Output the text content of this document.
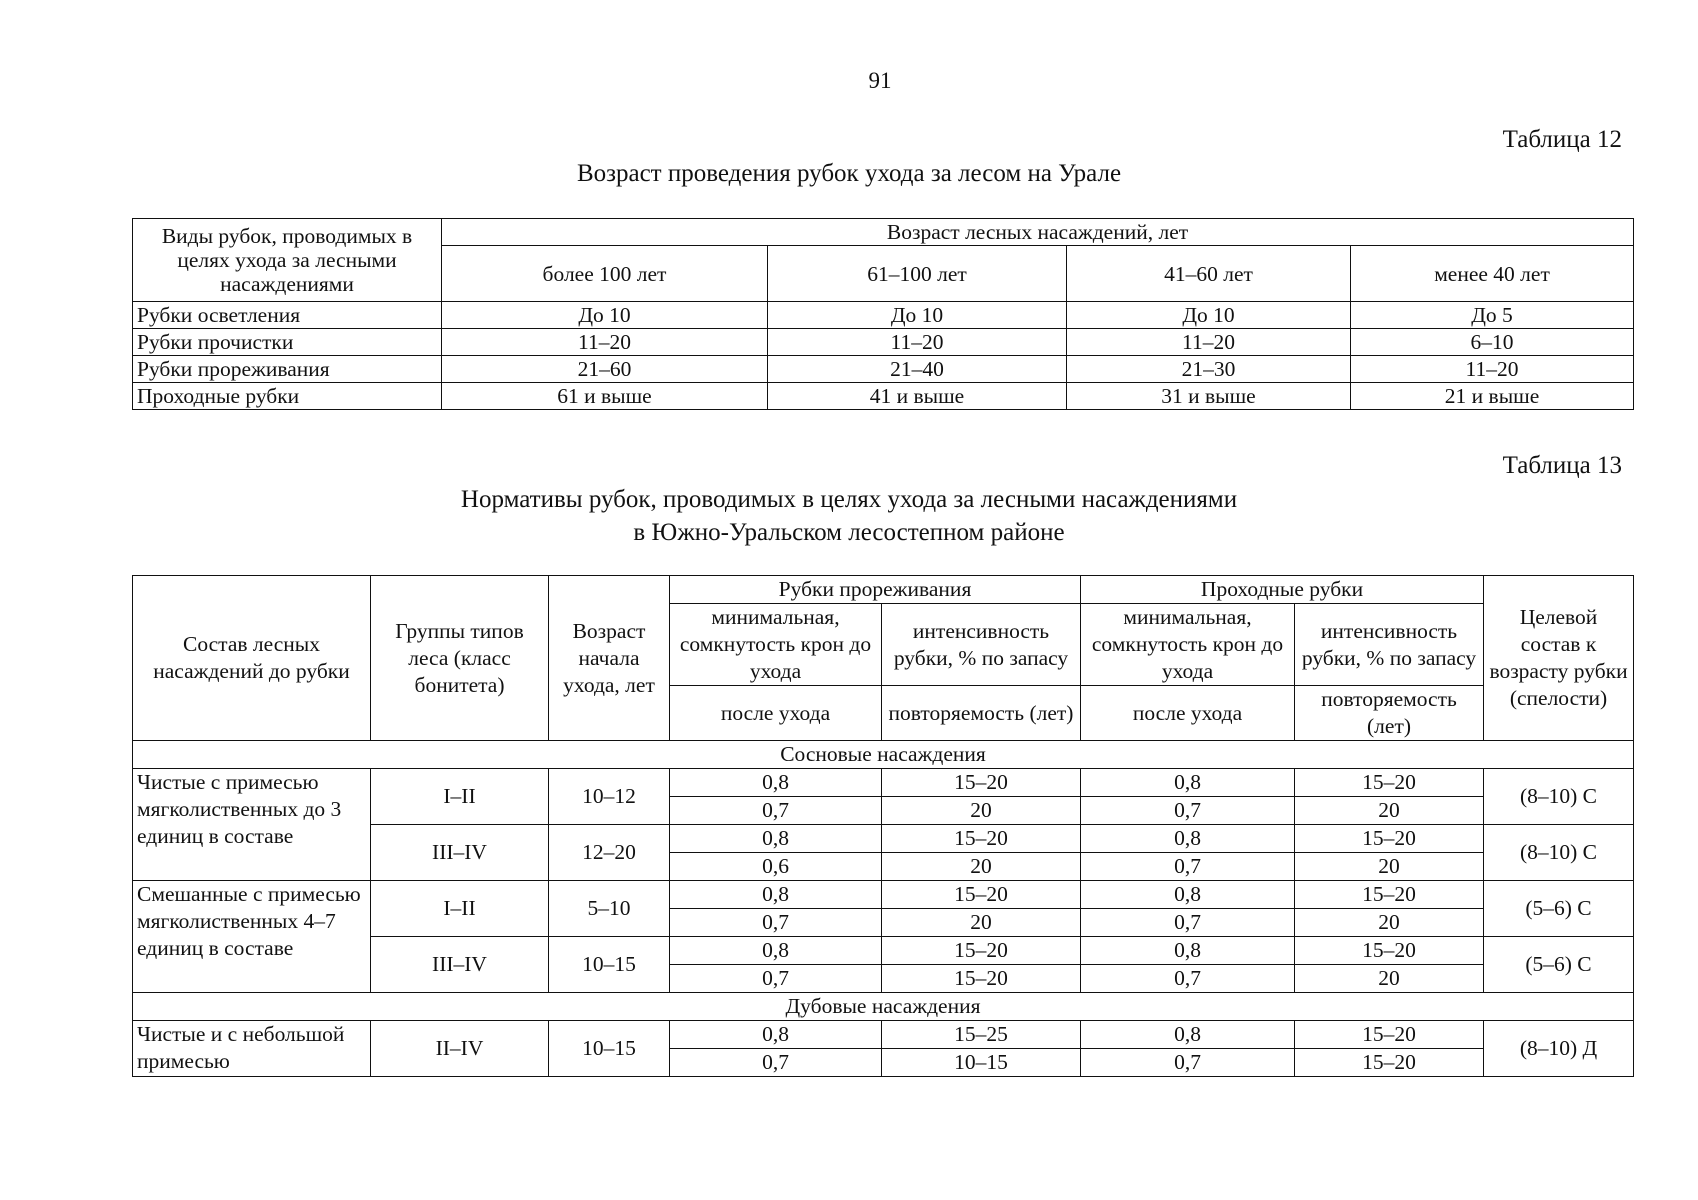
91
Таблица 12
Возраст проведения рубок ухода за лесом на Урале
Виды рубок, проводимых в целях ухода за лесными насаждениями	Возраст лесных насаждений, лет			
	более 100 лет	61–100 лет	41–60 лет	менее 40 лет
Рубки осветления	До 10	До 10	До 10	До 5
Рубки прочистки	11–20	11–20	11–20	6–10
Рубки прореживания	21–60	21–40	21–30	11–20
Проходные рубки	61 и выше	41 и выше	31 и выше	21 и выше
Таблица 13
Нормативы рубок, проводимых в целях ухода за лесными насаждениями
в Южно-Уральском лесостепном районе
Состав лесных насаждений до рубки	Группы типов леса (класс бонитета)	Возраст начала ухода, лет	Рубки прореживания		Проходные рубки		Целевой состав к возрасту рубки (спелости)
			минимальная, сомкнутость крон до ухода	интенсивность рубки, % по запасу	минимальная, сомкнутость крон до ухода	интенсивность рубки, % по запасу	
			после ухода	повторяемость (лет)	после ухода	повторяемость (лет)	
Сосновые насаждения							
Чистые с примесью мягколиственных до 3 единиц в составе	I–II	10–12	0,8	15–20	0,8	15–20	(8–10) С
			0,7	20	0,7	20	
	III–IV	12–20	0,8	15–20	0,8	15–20	(8–10) С
			0,6	20	0,7	20	
Смешанные с примесью мягколиственных 4–7 единиц в составе	I–II	5–10	0,8	15–20	0,8	15–20	(5–6) С
			0,7	20	0,7	20	
	III–IV	10–15	0,8	15–20	0,8	15–20	(5–6) С
			0,7	15–20	0,7	20	
Дубовые насаждения							
Чистые и с небольшой примесью	II–IV	10–15	0,8	15–25	0,8	15–20	(8–10) Д
			0,7	10–15	0,7	15–20	
